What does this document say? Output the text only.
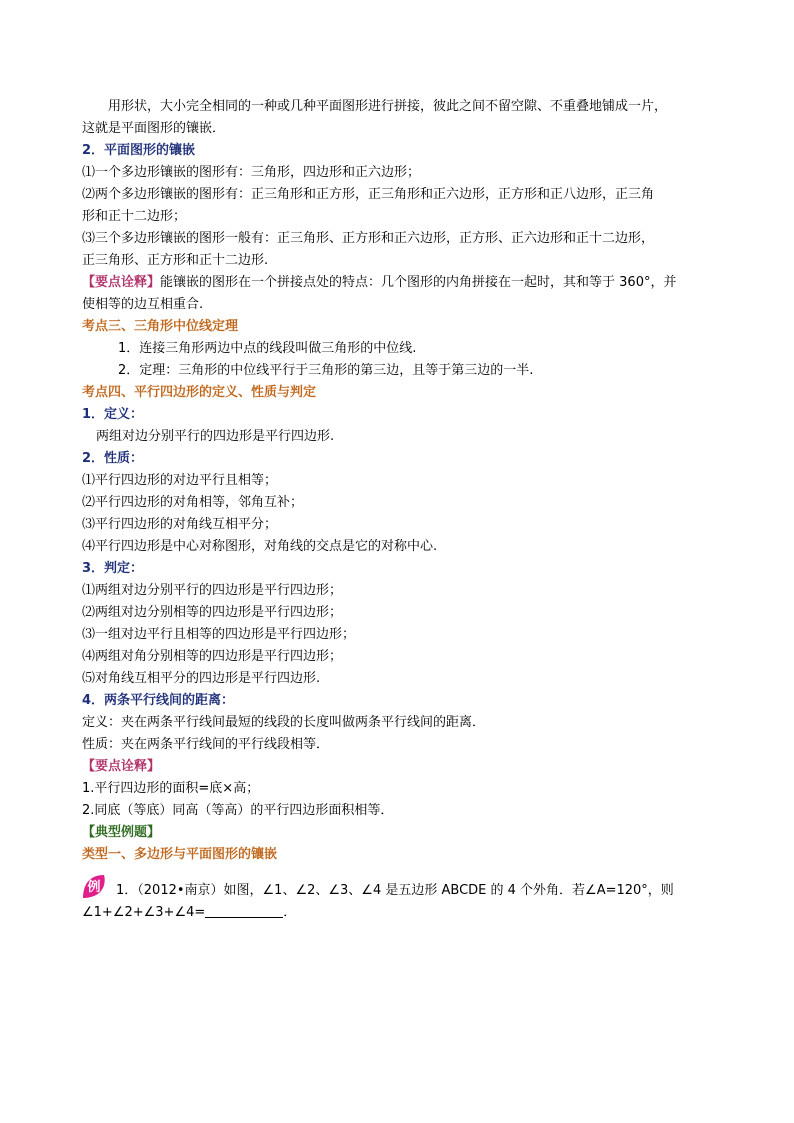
用形状，大小完全相同的一种或几种平面图形进行拼接，彼此之间不留空隙、不重叠地铺成一片，
这就是平面图形的镶嵌．
2．平面图形的镶嵌
⑴一个多边形镶嵌的图形有：三角形，四边形和正六边形；
⑵两个多边形镶嵌的图形有：正三角形和正方形，正三角形和正六边形，正方形和正八边形，正三角
形和正十二边形；
⑶三个多边形镶嵌的图形一般有：正三角形、正方形和正六边形，正方形、正六边形和正十二边形，
正三角形、正方形和正十二边形.
【要点诠释】能镶嵌的图形在一个拼接点处的特点：几个图形的内角拼接在一起时，其和等于 360°，并
使相等的边互相重合.
考点三、三角形中位线定理
1．连接三角形两边中点的线段叫做三角形的中位线.
2．定理：三角形的中位线平行于三角形的第三边，且等于第三边的一半.
考点四、平行四边形的定义、性质与判定
1．定义：
两组对边分别平行的四边形是平行四边形.
2．性质：
⑴平行四边形的对边平行且相等；
⑵平行四边形的对角相等，邻角互补；
⑶平行四边形的对角线互相平分；
⑷平行四边形是中心对称图形，对角线的交点是它的对称中心.
3．判定：
⑴两组对边分别平行的四边形是平行四边形；
⑵两组对边分别相等的四边形是平行四边形；
⑶一组对边平行且相等的四边形是平行四边形；
⑷两组对角分别相等的四边形是平行四边形；
⑸对角线互相平分的四边形是平行四边形.
4．两条平行线间的距离：
定义：夹在两条平行线间最短的线段的长度叫做两条平行线间的距离．
性质：夹在两条平行线间的平行线段相等．
【要点诠释】
1.平行四边形的面积=底×高；
2.同底（等底）同高（等高）的平行四边形面积相等．
【典型例题】
类型一、多边形与平面图形的镶嵌
例 1．（2012•南京）如图，∠1、∠2、∠3、∠4 是五边形 ABCDE 的 4 个外角．若∠A=120°，则
∠1+∠2+∠3+∠4=	．
